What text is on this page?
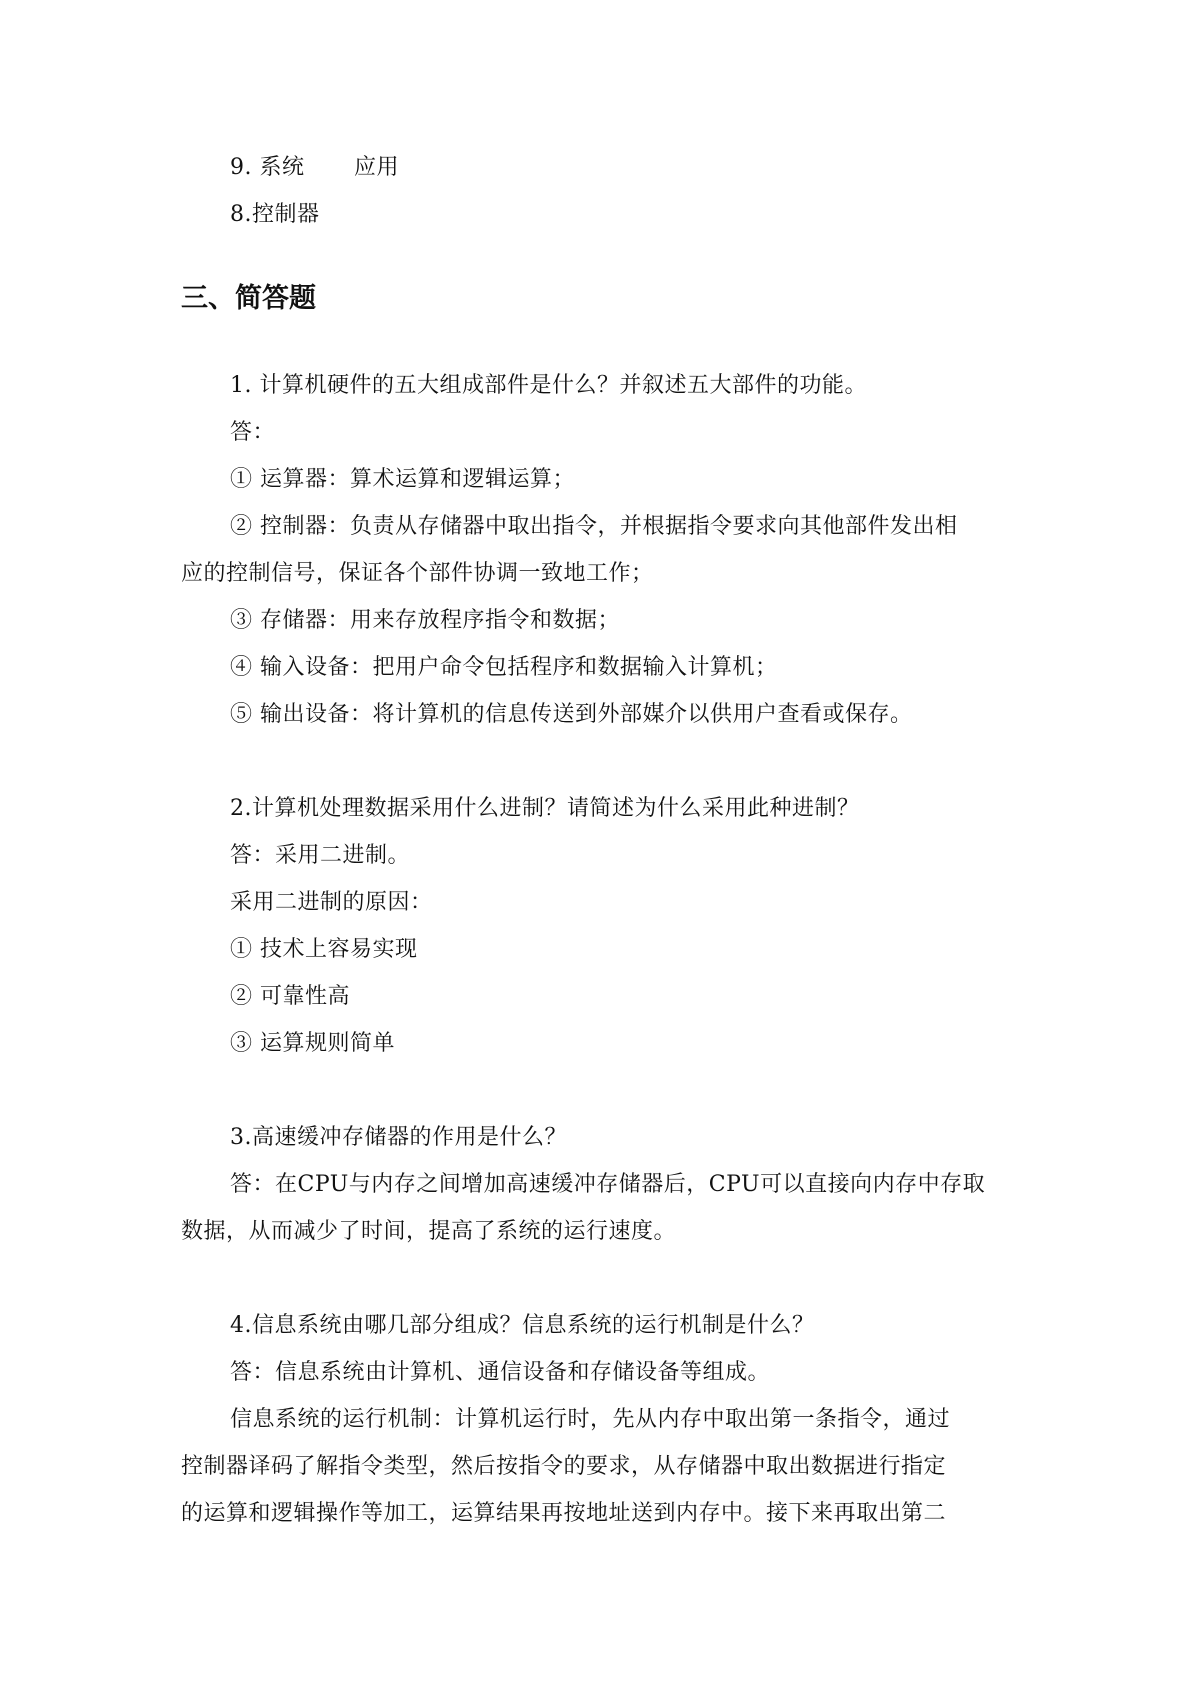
9. 系统 应用
8.控制器
三、简答题
1. 计算机硬件的五大组成部件是什么？并叙述五大部件的功能。
答：
① 运算器：算术运算和逻辑运算；
② 控制器：负责从存储器中取出指令，并根据指令要求向其他部件发出相
应的控制信号，保证各个部件协调一致地工作；
③ 存储器：用来存放程序指令和数据；
④ 输入设备：把用户命令包括程序和数据输入计算机；
⑤ 输出设备：将计算机的信息传送到外部媒介以供用户查看或保存。
2.计算机处理数据采用什么进制？请简述为什么采用此种进制？
答：采用二进制。
采用二进制的原因：
① 技术上容易实现
② 可靠性高
③ 运算规则简单
3.高速缓冲存储器的作用是什么？
答：在CPU与内存之间增加高速缓冲存储器后，CPU可以直接向内存中存取
数据，从而减少了时间，提高了系统的运行速度。
4.信息系统由哪几部分组成？信息系统的运行机制是什么？
答：信息系统由计算机、通信设备和存储设备等组成。
信息系统的运行机制：计算机运行时，先从内存中取出第一条指令，通过
控制器译码了解指令类型，然后按指令的要求，从存储器中取出数据进行指定
的运算和逻辑操作等加工，运算结果再按地址送到内存中。接下来再取出第二
